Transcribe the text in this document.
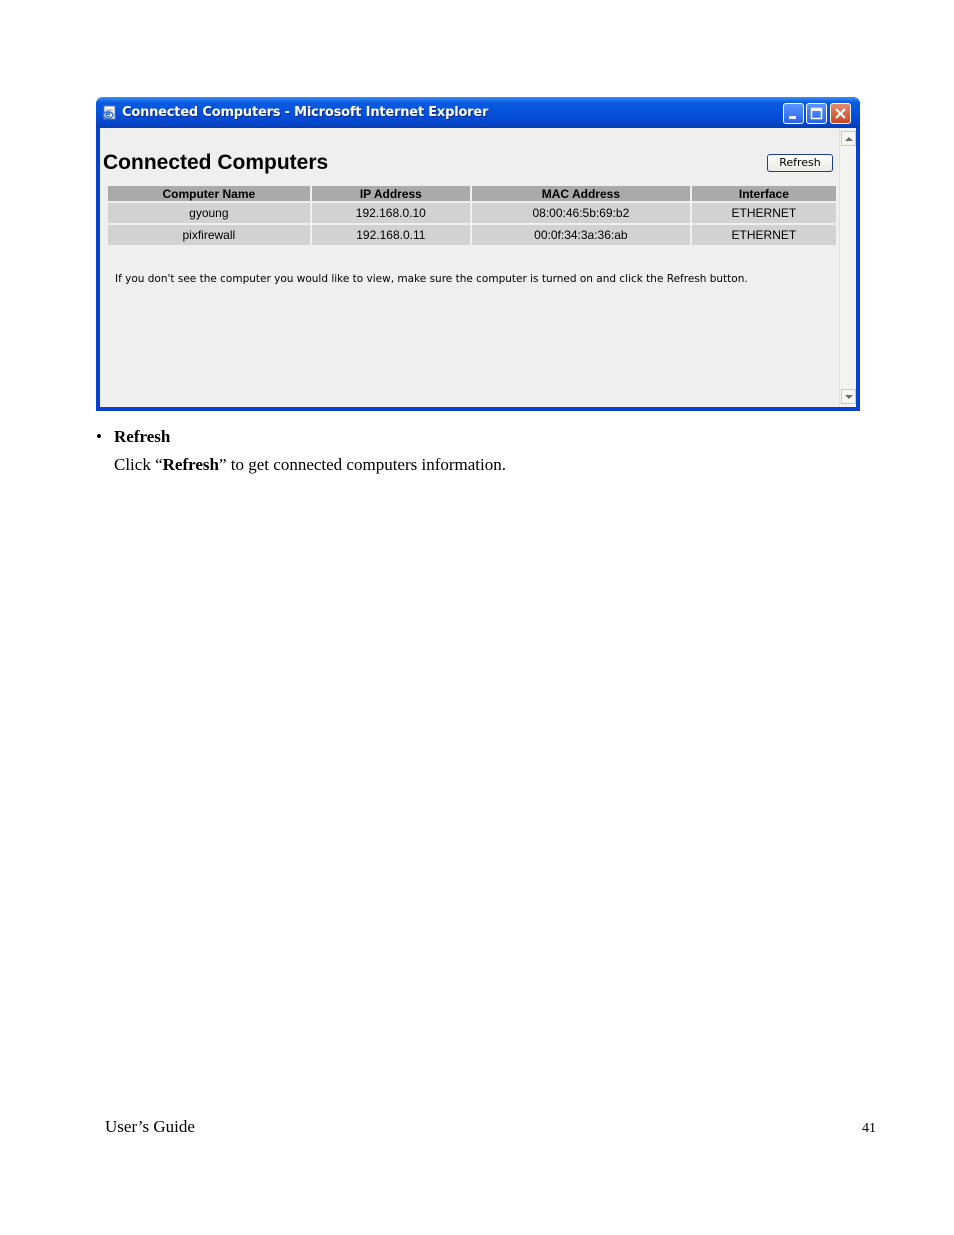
e Connected Computers - Microsoft Internet Explorer
Connected Computers	Refresh
Computer Name	IP Address	MAC Address	Interface
gyoung	192.168.0.10	08:00:46:5b:69:b2	ETHERNET
pixfirewall	192.168.0.11	00:0f:34:3a:36:ab	ETHERNET
If you don't see the computer you would like to view, make sure the computer is turned on and click the Refresh button.
• Refresh
Click “Refresh” to get connected computers information.
User’s Guide	41
